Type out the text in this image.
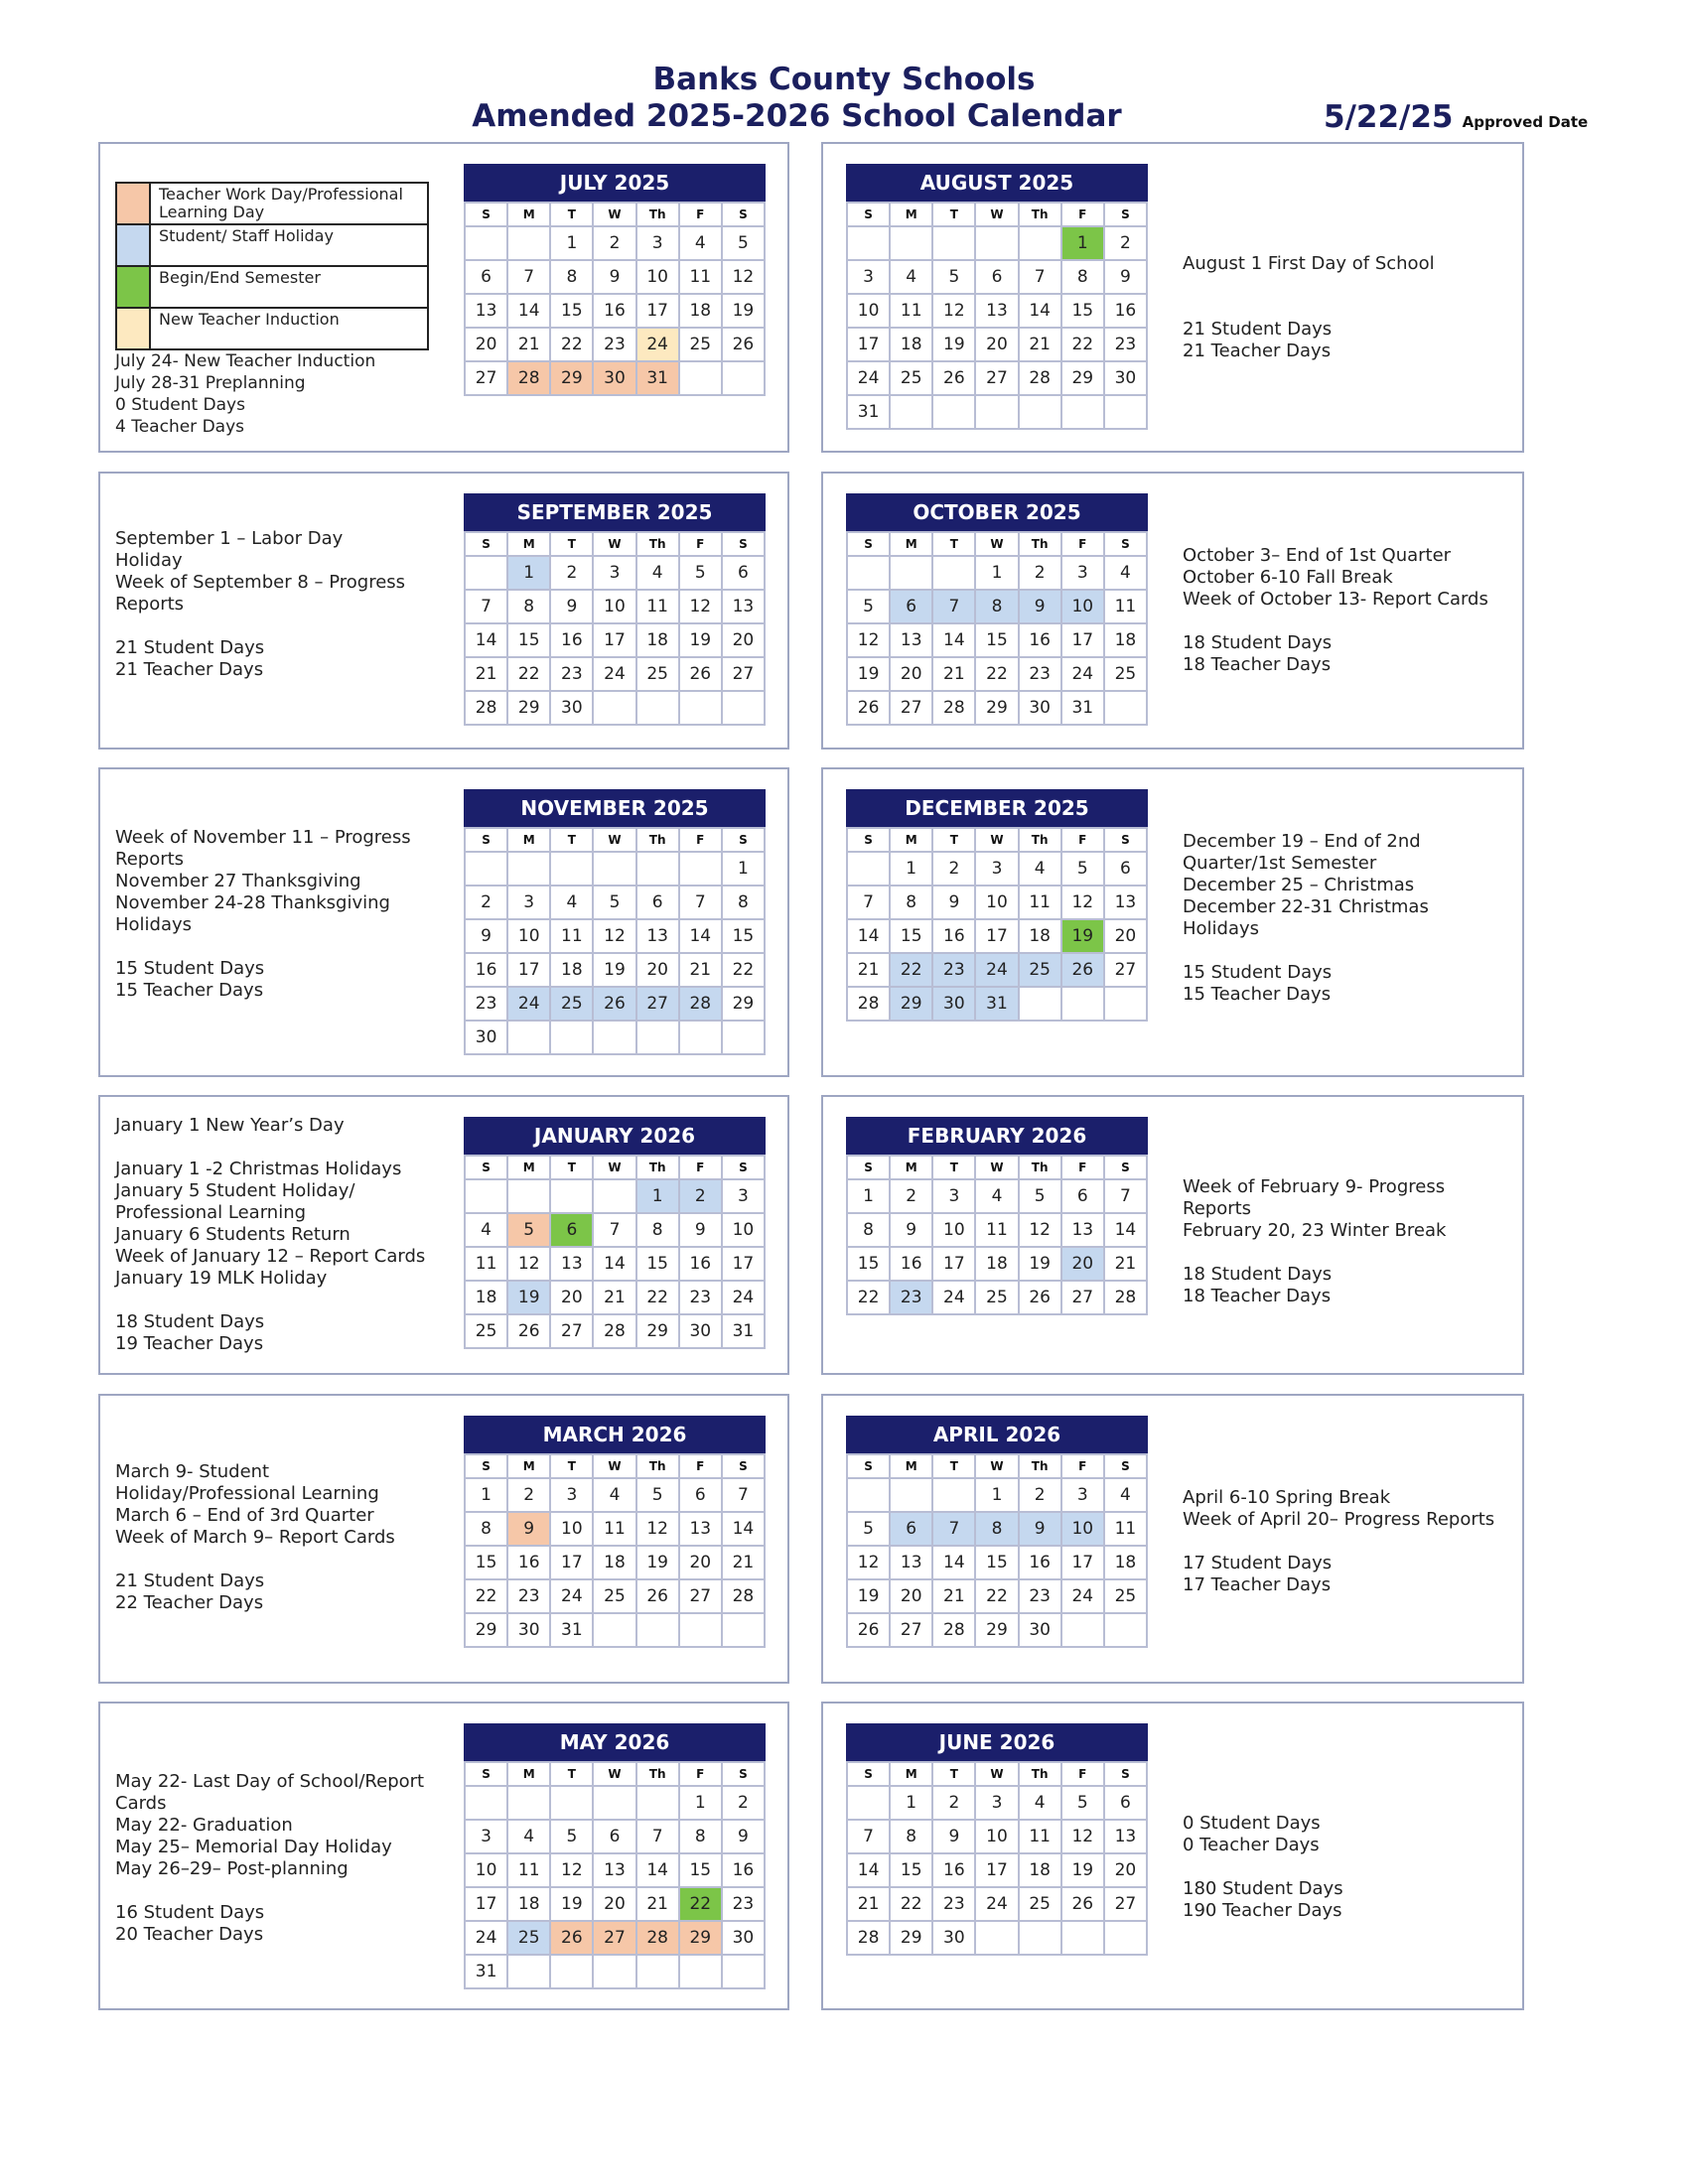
Banks County Schools
Amended 2025-2026 School Calendar	5/22/25 Approved Date
JULY 2025
S	M	T	W	Th	F	S
		1	2	3	4	5
6	7	8	9	10	11	12
13	14	15	16	17	18	19
20	21	22	23	24	25	26
27	28	29	30	31		
July 24- New Teacher Induction
July 28-31 Preplanning
0 Student Days
4 Teacher Days
	Teacher Work Day/Professional Learning Day
	Student/ Staff Holiday
	Begin/End Semester
	New Teacher Induction
AUGUST 2025
S	M	T	W	Th	F	S
					1	2
3	4	5	6	7	8	9
10	11	12	13	14	15	16
17	18	19	20	21	22	23
24	25	26	27	28	29	30
31						
August 1 First Day of School
21 Student Days
21 Teacher Days
SEPTEMBER 2025
S	M	T	W	Th	F	S
	1	2	3	4	5	6
7	8	9	10	11	12	13
14	15	16	17	18	19	20
21	22	23	24	25	26	27
28	29	30				
September 1 – Labor Day
Holiday
Week of September 8 – Progress
Reports
21 Student Days
21 Teacher Days
OCTOBER 2025
S	M	T	W	Th	F	S
			1	2	3	4
5	6	7	8	9	10	11
12	13	14	15	16	17	18
19	20	21	22	23	24	25
26	27	28	29	30	31	
October 3– End of 1st Quarter
October 6-10 Fall Break
Week of October 13- Report Cards
18 Student Days
18 Teacher Days
NOVEMBER 2025
S	M	T	W	Th	F	S
						1
2	3	4	5	6	7	8
9	10	11	12	13	14	15
16	17	18	19	20	21	22
23	24	25	26	27	28	29
30						
Week of November 11 – Progress
Reports
November 27 Thanksgiving
November 24-28 Thanksgiving
Holidays
15 Student Days
15 Teacher Days
DECEMBER 2025
S	M	T	W	Th	F	S
	1	2	3	4	5	6
7	8	9	10	11	12	13
14	15	16	17	18	19	20
21	22	23	24	25	26	27
28	29	30	31			
December 19 – End of 2nd
Quarter/1st Semester
December 25 – Christmas
December 22-31 Christmas
Holidays
15 Student Days
15 Teacher Days
JANUARY 2026
S	M	T	W	Th	F	S
				1	2	3
4	5	6	7	8	9	10
11	12	13	14	15	16	17
18	19	20	21	22	23	24
25	26	27	28	29	30	31
January 1 New Year’s Day
January 1 -2 Christmas Holidays
January 5 Student Holiday/
Professional Learning
January 6 Students Return
Week of January 12 – Report Cards
January 19 MLK Holiday
18 Student Days
19 Teacher Days
FEBRUARY 2026
S	M	T	W	Th	F	S
1	2	3	4	5	6	7
8	9	10	11	12	13	14
15	16	17	18	19	20	21
22	23	24	25	26	27	28
Week of February 9- Progress
Reports
February 20, 23 Winter Break
18 Student Days
18 Teacher Days
MARCH 2026
S	M	T	W	Th	F	S
1	2	3	4	5	6	7
8	9	10	11	12	13	14
15	16	17	18	19	20	21
22	23	24	25	26	27	28
29	30	31				
March 9- Student
Holiday/Professional Learning
March 6 – End of 3rd Quarter
Week of March 9– Report Cards
21 Student Days
22 Teacher Days
APRIL 2026
S	M	T	W	Th	F	S
			1	2	3	4
5	6	7	8	9	10	11
12	13	14	15	16	17	18
19	20	21	22	23	24	25
26	27	28	29	30		
April 6-10 Spring Break
Week of April 20– Progress Reports
17 Student Days
17 Teacher Days
MAY 2026
S	M	T	W	Th	F	S
					1	2
3	4	5	6	7	8	9
10	11	12	13	14	15	16
17	18	19	20	21	22	23
24	25	26	27	28	29	30
31						
May 22- Last Day of School/Report
Cards
May 22- Graduation
May 25– Memorial Day Holiday
May 26–29– Post-planning
16 Student Days
20 Teacher Days
JUNE 2026
S	M	T	W	Th	F	S
	1	2	3	4	5	6
7	8	9	10	11	12	13
14	15	16	17	18	19	20
21	22	23	24	25	26	27
28	29	30				
0 Student Days
0 Teacher Days
180 Student Days
190 Teacher Days
